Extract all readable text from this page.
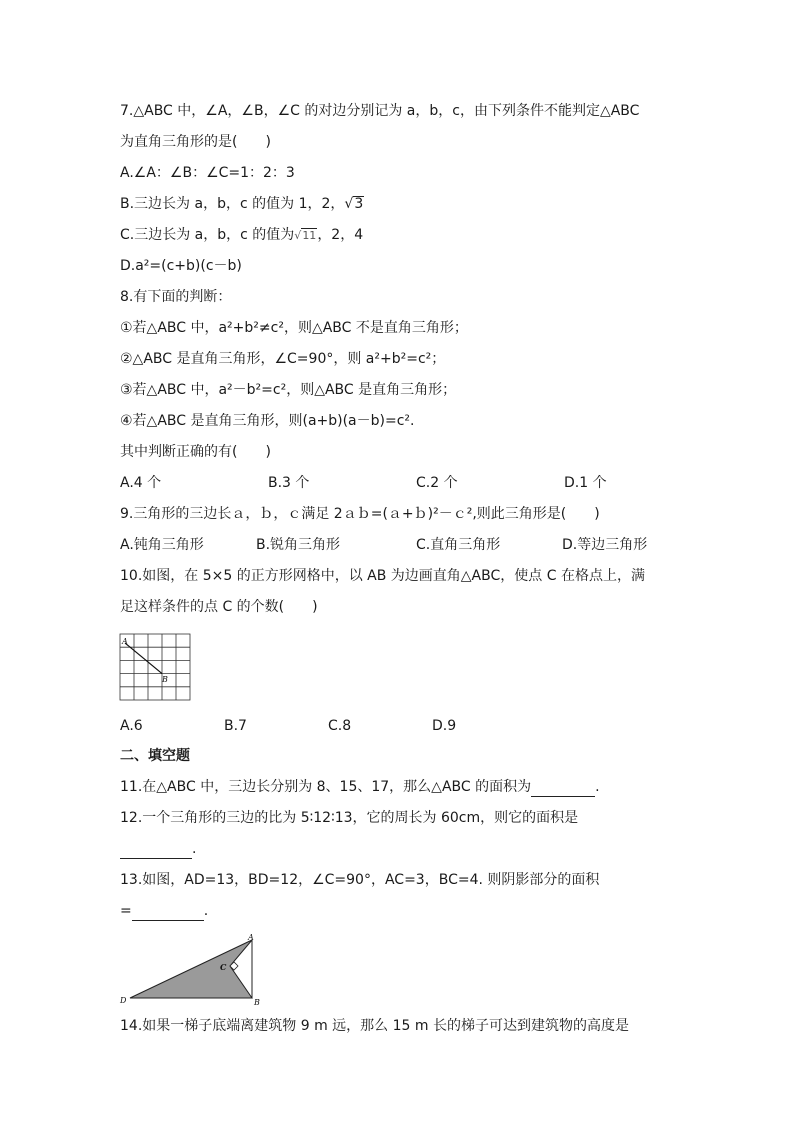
7.△ABC 中，∠A，∠B，∠C 的对边分别记为 a，b，c，由下列条件不能判定△ABC
为直角三角形的是(　　)
A.∠A：∠B：∠C=1：2：3
B.三边长为 a，b，c 的值为 1，2，√3
C.三边长为 a，b，c 的值为√11，2，4
D.a²=(c+b)(c－b)
8.有下面的判断：
①若△ABC 中，a²+b²≠c²，则△ABC 不是直角三角形；
②△ABC 是直角三角形，∠C=90°，则 a²+b²=c²；
③若△ABC 中，a²－b²=c²，则△ABC 是直角三角形；
④若△ABC 是直角三角形，则(a+b)(a－b)=c².
其中判断正确的有(　　)
A.4 个	B.3 个	C.2 个	D.1 个
9.三角形的三边长ａ，ｂ，ｃ满足 2ａｂ=(ａ+ｂ)²－ｃ²,则此三角形是(　　)
A.钝角三角形	B.锐角三角形	C.直角三角形	D.等边三角形
10.如图，在 5×5 的正方形网格中，以 AB 为边画直角△ABC，使点 C 在格点上，满
足这样条件的点 C 的个数(　　)
A
B
A.6	B.7	C.8	D.9
二、填空题
11.在△ABC 中，三边长分别为 8、15、17，那么△ABC 的面积为	.
12.一个三角形的三边的比为 5∶12∶13，它的周长为 60cm，则它的面积是
.
13.如图，AD=13，BD=12，∠C=90°，AC=3，BC=4. 则阴影部分的面积
=	.
A
B
C
D
14.如果一梯子底端离建筑物 9 m 远，那么 15 m 长的梯子可达到建筑物的高度是
